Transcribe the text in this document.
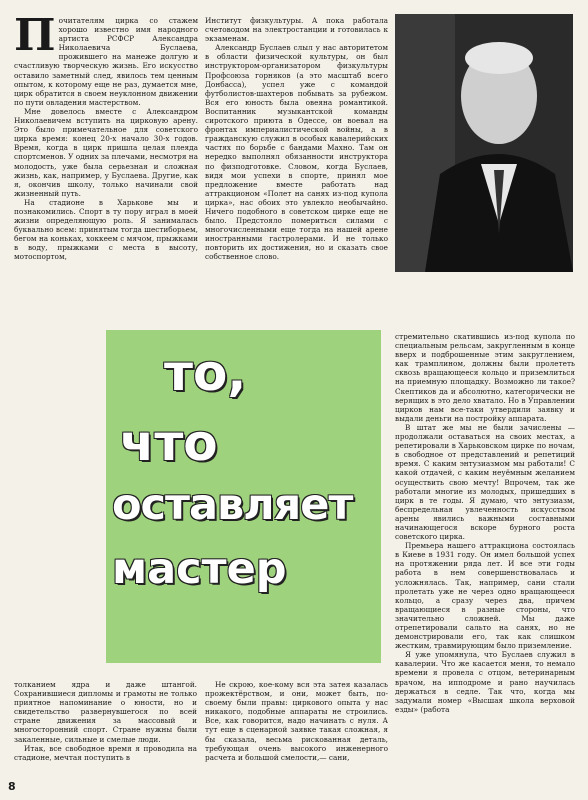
П очитателям цирка со стажем хорошо известно имя народного артиста РСФСР Александра Николаевича Буслаева, прожившего на манеже долгую и счастливую творческую жизнь. Его искусство оставило заметный след, явилось тем ценным опытом, к которому еще не раз, думается мне, цирк обратится в своем неуклонном движении по пути овладения мастерством.

Мне довелось вместе с Александром Николаевичем вступить на цирковую арену. Это было примечательное для советского цирка время: конец 20-х начало 30-х годов. Время, когда в цирк пришла целая плеяда спортсменов. У одних за плечами, несмотря на молодость, уже была серьезная и сложная жизнь, как, например, у Буслаева. Другие, как я, окончив школу, только начинали свой жизненный путь.

На стадионе в Харькове мы и познакомились. Спорт в ту пору играл в моей жизни определяющую роль. Я занималась буквально всем: принятым тогда шестиборьем, бегом на коньках, хоккеем с мячом, прыжками в воду, прыжками с места в высоту, мотоспортом,

Институт физкультуры. А пока работала счетоводом на электростанции и готовилась к экзаменам.

Александр Буслаев слыл у нас авторитетом в области физической культуры, он был инструктором-организатором физкультуры Профсоюза горняков (а это масштаб всего Донбасса), успел уже с командой футболистов-шахтеров побывать за рубежом. Вся его юность была овеяна романтикой. Воспитанник музыкантской команды сиротского приюта в Одессе, он воевал на фронтах империалистической войны, а в гражданскую служил в особых кавалерийских частях по борьбе с бандами Махно. Там он нередко выполнял обязанности инструктора по физподготовке. Словом, когда Буслаев, видя мои успехи в спорте, принял мое предложение вместе работать над аттракционом «Полет на санях из-под купола цирка», нас обоих это увлекло необычайно. Ничего подобного в советском цирке еще не было. Предстояло помериться силами с многочисленными еще тогда на нашей арене иностранными гастролерами. И не только повторить их достижения, но и сказать свое собственное слово.

то,
что
оставляет
мастер

стремительно скатившись из-под купола по специальным рельсам, закругленным в конце вверх и подброшенные этим закруглением, как трамплином, должны были пролететь сквозь вращающееся кольцо и приземлиться на приемную площадку. Возможно ли такое? Скептиков да и абсолютно, категорически не верящих в это дело хватало. Но в Управлении цирков нам все-таки утвердили заявку и выдали деньги на постройку аппарата.

В штат же мы не были зачислены — продолжали оставаться на своих местах, а репетировали в Харьковском цирке по ночам, в свободное от представлений и репетиций время. С каким энтузиазмом мы работали! С какой отдачей, с каким неуёмным желанием осуществить свою мечту! Впрочем, так же работали многие из молодых, пришедших в цирк в те годы. Я думаю, что энтузиазм, беспредельная увлеченность искусством арены явились важными составными начинающегося вскоре бурного роста советского цирка.

Премьера нашего аттракциона состоялась в Киеве в 1931 году. Он имел большой успех на протяжении ряда лет. И все эти годы работа в нем совершенствовалась и усложнялась. Так, например, сани стали пролетать уже не через одно вращающееся кольцо, а сразу через два, причем вращающиеся в разные стороны, что значительно сложней. Мы даже отрепетировали сальто на санях, но не демонстрировали его, так как слишком жестким, травмирующим было приземление.

Я уже упомянула, что Буслаев служил в кавалерии. Что же касается меня, то немало времени я провела с отцом, ветеринарным врачом, на ипподроме и рано научилась держаться в седле. Так что, когда мы задумали номер «Высшая школа верховой езды» (работа

толканием ядра и даже штангой. Сохранившиеся дипломы и грамоты не только приятное напоминание о юности, но и свидетельство развернувшегося по всей стране движения за массовый и многосторонний спорт. Стране нужны были закаленные, сильные и смелые люди.

Итак, все свободное время я проводила на стадионе, мечтая поступить в

Не скрою, кое-кому вся эта затея казалась прожектёрством, и они, может быть, по-своему были правы: циркового опыта у нас никакого, подобные аппараты не строились. Все, как говорится, надо начинать с нуля. А тут еще в сценарной заявке такая сложная, я бы сказала, весьма рискованная деталь, требующая очень высокого инженерного расчета и большой смелости,— сани,

8
